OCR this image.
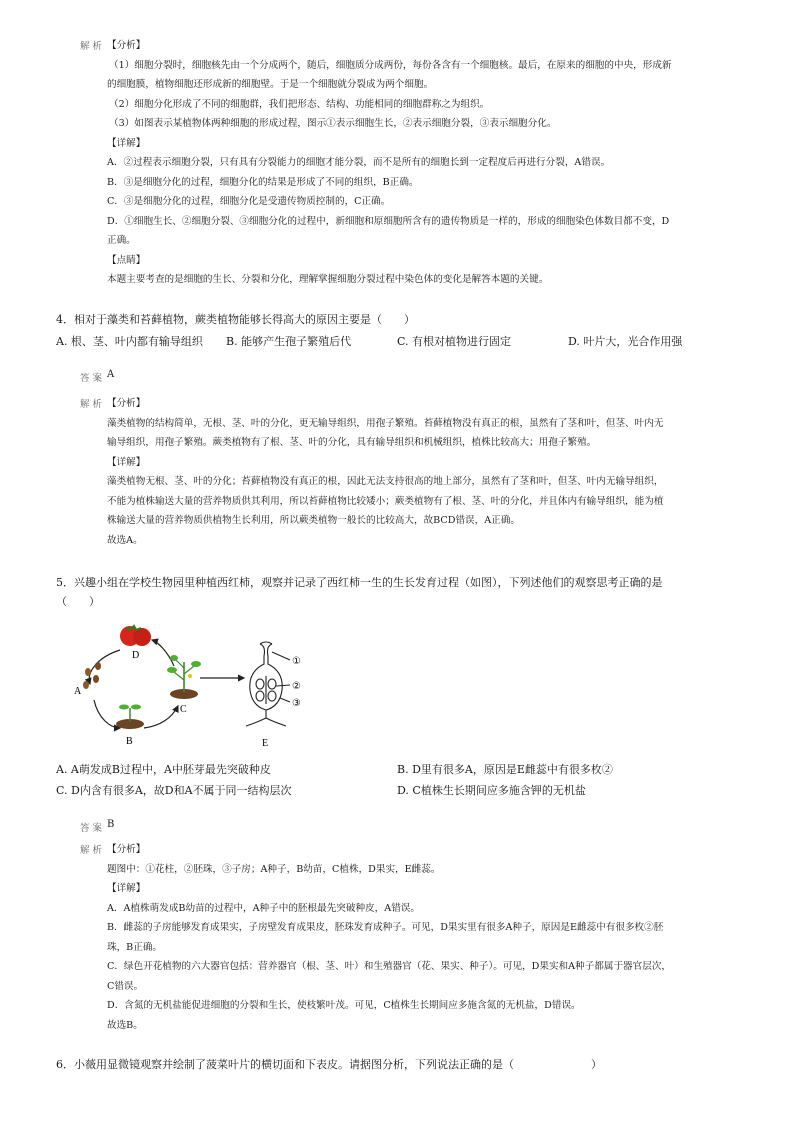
解析 【分析】
（1）细胞分裂时，细胞核先由一个分成两个，随后，细胞质分成两份，每份各含有一个细胞核。最后，在原来的细胞的中央，形成新
的细胞膜，植物细胞还形成新的细胞壁。于是一个细胞就分裂成为两个细胞。
（2）细胞分化形成了不同的细胞群，我们把形态、结构、功能相同的细胞群称之为组织。
（3）如图表示某植物体两种细胞的形成过程，图示①表示细胞生长，②表示细胞分裂，③表示细胞分化。
【详解】
A．②过程表示细胞分裂，只有具有分裂能力的细胞才能分裂，而不是所有的细胞长到一定程度后再进行分裂，A错误。
B．③是细胞分化的过程，细胞分化的结果是形成了不同的组织，B正确。
C．③是细胞分化的过程，细胞分化是受遗传物质控制的，C正确。
D．①细胞生长、②细胞分裂、③细胞分化的过程中，新细胞和原细胞所含有的遗传物质是一样的，形成的细胞染色体数目都不变，D
正确。
【点睛】
本题主要考查的是细胞的生长、分裂和分化，理解掌握细胞分裂过程中染色体的变化是解答本题的关键。
4．相对于藻类和苔藓植物，蕨类植物能够长得高大的原因主要是（　　）
A. 根、茎、叶内都有输导组织 B. 能够产生孢子繁殖后代	C. 有根对植物进行固定	D. 叶片大，光合作用强
答案 A
解析 【分析】
藻类植物的结构简单，无根、茎、叶的分化，更无输导组织，用孢子繁殖。苔藓植物没有真正的根，虽然有了茎和叶，但茎、叶内无
输导组织，用孢子繁殖。蕨类植物有了根、茎、叶的分化，具有输导组织和机械组织，植株比较高大；用孢子繁殖。
【详解】
藻类植物无根、茎、叶的分化；苔藓植物没有真正的根，因此无法支持很高的地上部分，虽然有了茎和叶，但茎、叶内无输导组织，
不能为植株输送大量的营养物质供其利用，所以苔藓植物比较矮小；蕨类植物有了根、茎、叶的分化，并且体内有输导组织，能为植
株输送大量的营养物质供植物生长利用，所以蕨类植物一般长的比较高大，故BCD错误，A正确。
故选A。
5．兴趣小组在学校生物园里种植西红柿，观察并记录了西红柿一生的生长发育过程（如图），下列述他们的观察思考正确的是
（　　）
D
A
B
C
①
②
③
E
A. A萌发成B过程中，A中胚芽最先突破种皮	B. D里有很多A，原因是E雌蕊中有很多枚②
C. D内含有很多A，故D和A不属于同一结构层次	D. C植株生长期间应多施含钾的无机盐
答案 B
解析 【分析】
题图中：①花柱，②胚珠，③子房；A种子，B幼苗，C植株，D果实，E雌蕊。
【详解】
A．A植株萌发成B幼苗的过程中，A种子中的胚根最先突破种皮，A错误。
B．雌蕊的子房能够发育成果实，子房壁发育成果皮，胚珠发育成种子。可见，D果实里有很多A种子，原因是E雌蕊中有很多枚②胚
珠，B正确。
C．绿色开花植物的六大器官包括：营养器官（根、茎、叶）和生殖器官（花、果实、种子）。可见，D果实和A种子都属于器官层次，
C错误。
D．含氮的无机盐能促进细胞的分裂和生长，使枝繁叶茂。可见，C植株生长期间应多施含氮的无机盐，D错误。
故选B。
6．小薇用显微镜观察并绘制了菠菜叶片的横切面和下表皮。请据图分析，下列说法正确的是（　　　　　　　）
